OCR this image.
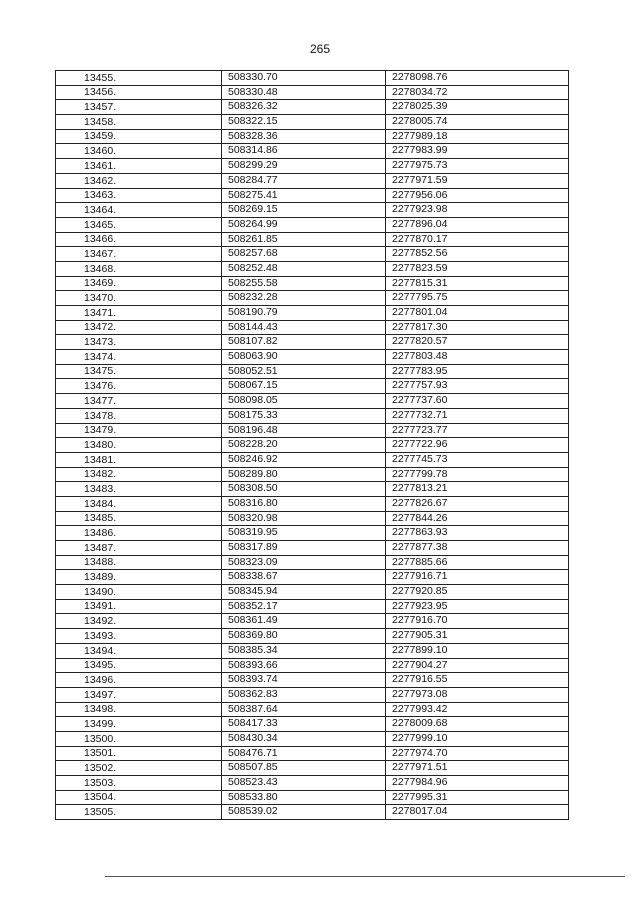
265
13455.	508330.70	2278098.76
13456.	508330.48	2278034.72
13457.	508326.32	2278025.39
13458.	508322.15	2278005.74
13459.	508328.36	2277989.18
13460.	508314.86	2277983.99
13461.	508299.29	2277975.73
13462.	508284.77	2277971.59
13463.	508275.41	2277956.06
13464.	508269.15	2277923.98
13465.	508264.99	2277896.04
13466.	508261.85	2277870.17
13467.	508257.68	2277852.56
13468.	508252.48	2277823.59
13469.	508255.58	2277815.31
13470.	508232.28	2277795.75
13471.	508190.79	2277801.04
13472.	508144.43	2277817.30
13473.	508107.82	2277820.57
13474.	508063.90	2277803.48
13475.	508052.51	2277783.95
13476.	508067.15	2277757.93
13477.	508098.05	2277737.60
13478.	508175.33	2277732.71
13479.	508196.48	2277723.77
13480.	508228.20	2277722.96
13481.	508246.92	2277745.73
13482.	508289.80	2277799.78
13483.	508308.50	2277813.21
13484.	508316.80	2277826.67
13485.	508320.98	2277844.26
13486.	508319.95	2277863.93
13487.	508317.89	2277877.38
13488.	508323.09	2277885.66
13489.	508338.67	2277916.71
13490.	508345.94	2277920.85
13491.	508352.17	2277923.95
13492.	508361.49	2277916.70
13493.	508369.80	2277905.31
13494.	508385.34	2277899.10
13495.	508393.66	2277904.27
13496.	508393.74	2277916.55
13497.	508362.83	2277973.08
13498.	508387.64	2277993.42
13499.	508417.33	2278009.68
13500.	508430.34	2277999.10
13501.	508476.71	2277974.70
13502.	508507.85	2277971.51
13503.	508523.43	2277984.96
13504.	508533.80	2277995.31
13505.	508539.02	2278017.04
